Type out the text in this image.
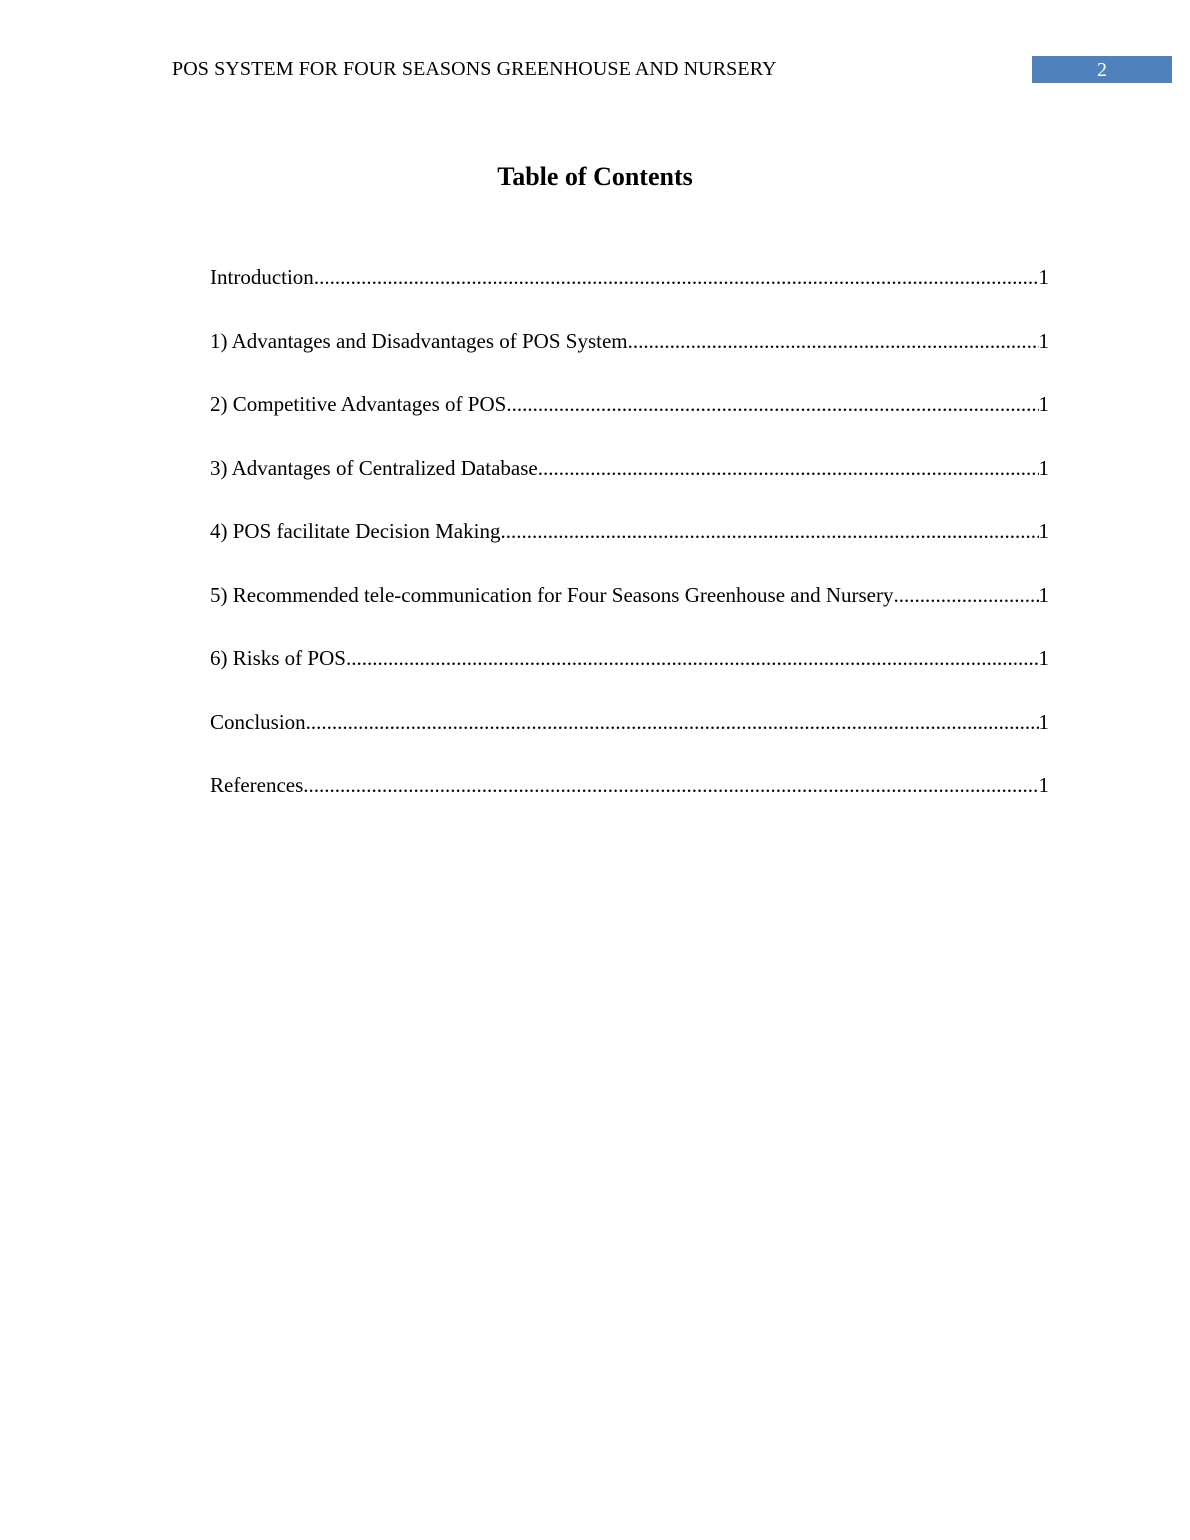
POS SYSTEM FOR FOUR SEASONS GREENHOUSE AND NURSERY	2
Table of Contents
Introduction .....	1
1) Advantages and Disadvantages of POS System .....	1
2) Competitive Advantages of POS .....	1
3) Advantages of Centralized Database .....	1
4) POS facilitate Decision Making .....	1
5) Recommended tele-communication for Four Seasons Greenhouse and Nursery .....	1
6) Risks of POS .....	1
Conclusion .....	1
References .....	1
